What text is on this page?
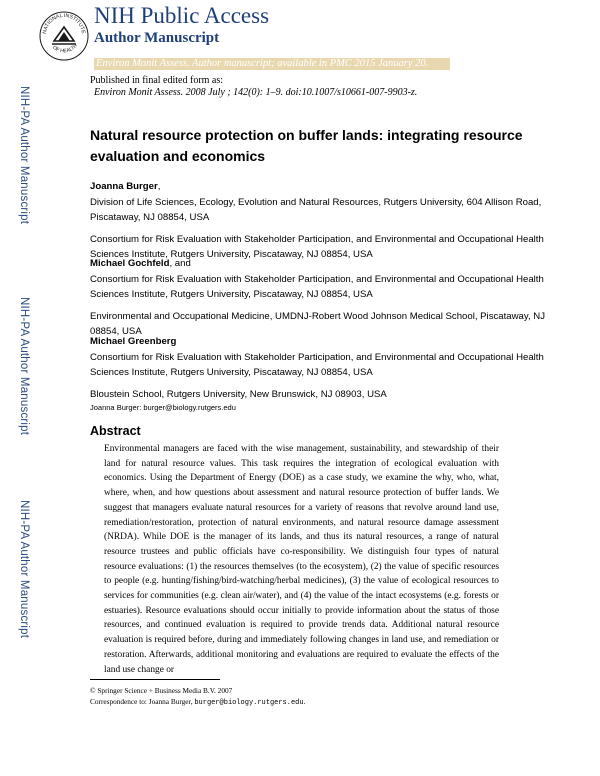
NIH-PA Author Manuscript
NIH-PA Author Manuscript
NIH-PA Author Manuscript
NATIONAL INSTITUTE
OF HEALTH
NIH Public Access
Author Manuscript
Environ Monit Assess. Author manuscript; available in PMC 2015 January 20.
Published in final edited form as:
Environ Monit Assess. 2008 July ; 142(0): 1–9. doi:10.1007/s10661-007-9903-z.
Natural resource protection on buffer lands: integrating resource evaluation and economics
Joanna Burger,
Division of Life Sciences, Ecology, Evolution and Natural Resources, Rutgers University, 604 Allison Road, Piscataway, NJ 08854, USA
Consortium for Risk Evaluation with Stakeholder Participation, and Environmental and Occupational Health Sciences Institute, Rutgers University, Piscataway, NJ 08854, USA
Michael Gochfeld, and
Consortium for Risk Evaluation with Stakeholder Participation, and Environmental and Occupational Health Sciences Institute, Rutgers University, Piscataway, NJ 08854, USA
Environmental and Occupational Medicine, UMDNJ-Robert Wood Johnson Medical School, Piscataway, NJ 08854, USA
Michael Greenberg
Consortium for Risk Evaluation with Stakeholder Participation, and Environmental and Occupational Health Sciences Institute, Rutgers University, Piscataway, NJ 08854, USA
Bloustein School, Rutgers University, New Brunswick, NJ 08903, USA
Joanna Burger: burger@biology.rutgers.edu
Abstract
Environmental managers are faced with the wise management, sustainability, and stewardship of their land for natural resource values. This task requires the integration of ecological evaluation with economics. Using the Department of Energy (DOE) as a case study, we examine the why, who, what, where, when, and how questions about assessment and natural resource protection of buffer lands. We suggest that managers evaluate natural resources for a variety of reasons that revolve around land use, remediation/restoration, protection of natural environments, and natural resource damage assessment (NRDA). While DOE is the manager of its lands, and thus its natural resources, a range of natural resource trustees and public officials have co-responsibility. We distinguish four types of natural resource evaluations: (1) the resources themselves (to the ecosystem), (2) the value of specific resources to people (e.g. hunting/fishing/bird-watching/herbal medicines), (3) the value of ecological resources to services for communities (e.g. clean air/water), and (4) the value of the intact ecosystems (e.g. forests or estuaries). Resource evaluations should occur initially to provide information about the status of those resources, and continued evaluation is required to provide trends data. Additional natural resource evaluation is required before, during and immediately following changes in land use, and remediation or restoration. Afterwards, additional monitoring and evaluations are required to evaluate the effects of the land use change or
© Springer Science + Business Media B.V. 2007
Correspondence to: Joanna Burger, burger@biology.rutgers.edu.
